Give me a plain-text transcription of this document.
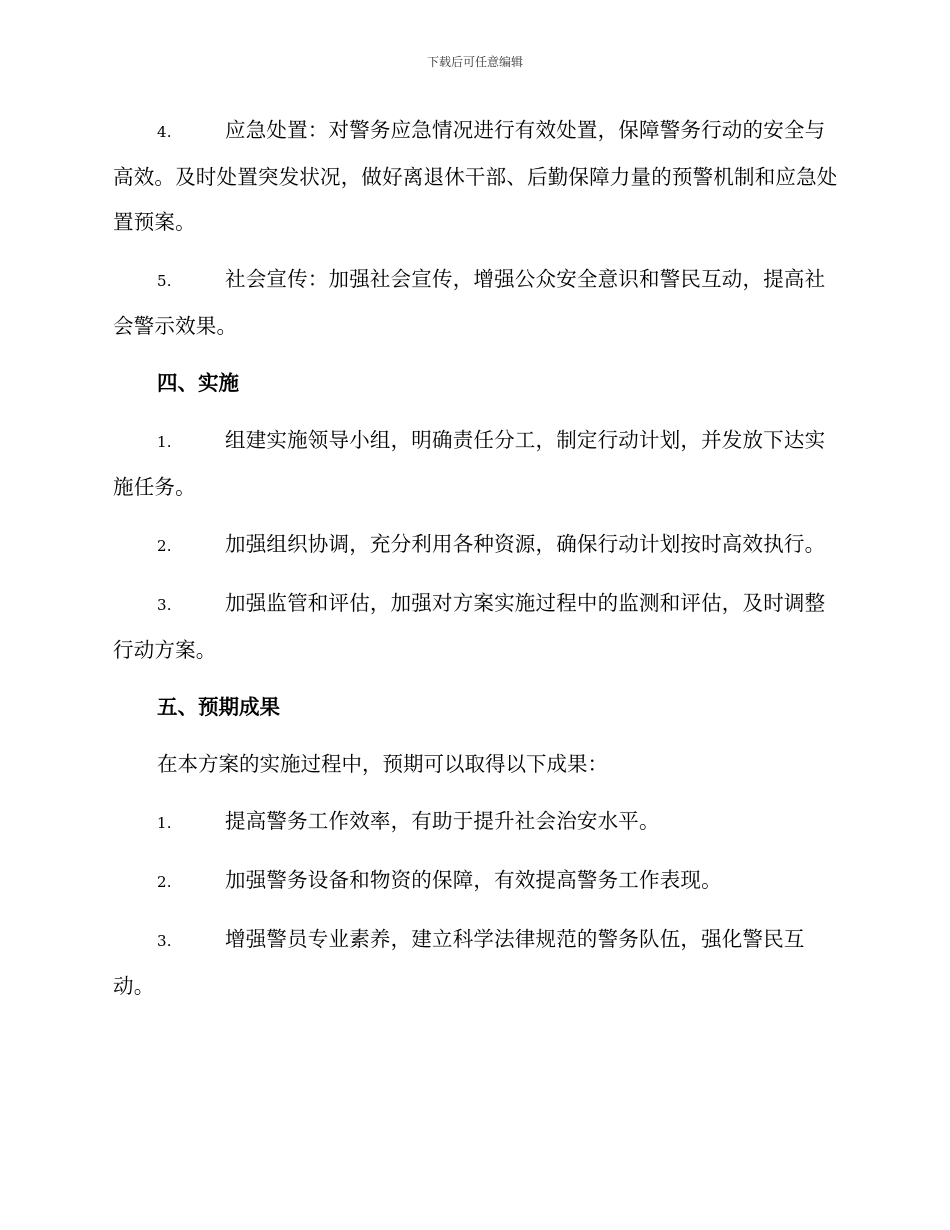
下载后可任意编辑

4.	应急处置：对警务应急情况进行有效处置，保障警务行动的安全与高效。及时处置突发状况，做好离退休干部、后勤保障力量的预警机制和应急处置预案。

5.	社会宣传：加强社会宣传，增强公众安全意识和警民互动，提高社会警示效果。

四、实施

1.	组建实施领导小组，明确责任分工，制定行动计划，并发放下达实施任务。

2.	加强组织协调，充分利用各种资源，确保行动计划按时高效执行。

3.	加强监管和评估，加强对方案实施过程中的监测和评估，及时调整行动方案。

五、预期成果
在本方案的实施过程中，预期可以取得以下成果：

1.	提高警务工作效率，有助于提升社会治安水平。

2.	加强警务设备和物资的保障，有效提高警务工作表现。

3.	增强警员专业素养，建立科学法律规范的警务队伍，强化警民互动。
